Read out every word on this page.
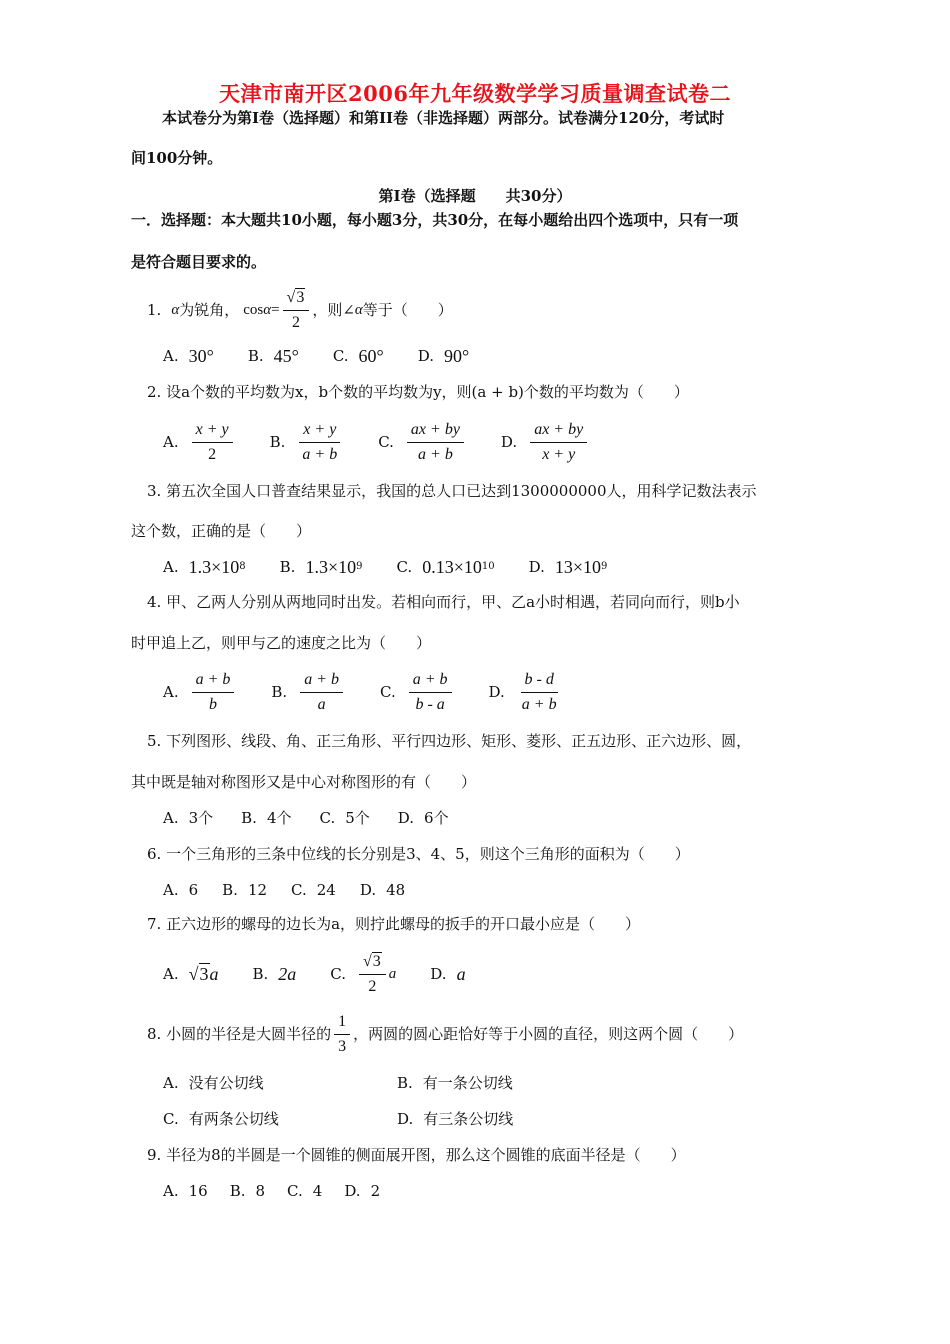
天津市南开区2006年九年级数学学习质量调查试卷二
本试卷分为第Ⅰ卷（选择题）和第II卷（非选择题）两部分。试卷满分120分，考试时
间100分钟。
第Ⅰ卷（选择题　　共30分）
一．选择题：本大题共10小题，每小题3分，共30分，在每小题给出四个选项中，只有一项
是符合题目要求的。
1. α 为锐角， $\cos \alpha = \frac{√3}{2}$ ，则∠ α 等于（　　）
A. 30° B. 45° C. 60° D. 90°
2. 设a个数的平均数为x，b个数的平均数为y，则(a + b)个数的平均数为（　　）
A. $\frac{x + y}{2} B$. $\frac{x + y}{a + b} C$. $\frac{ax + by}{a + b} D$. $\frac{ax + by}{x + y}$
3. 第五次全国人口普查结果显示，我国的总人口已达到1300000000人，用科学记数法表示
这个数，正确的是（　　）
A. 1.3×10 8 B. 1.3×10 9 C. 0.13×10 10 D. 13×10 9
4. 甲、乙两人分别从两地同时出发。若相向而行，甲、乙a小时相遇，若同向而行，则b小
时甲追上乙，则甲与乙的速度之比为（　　）
A. $\frac{a + b}{b} B$. $\frac{a + b}{a} C$. $\frac{a + b}{b - a} D$. $\frac{b - d}{a + b}$
5. 下列图形、线段、角、正三角形、平行四边形、矩形、菱形、正五边形、正六边形、圆，
其中既是轴对称图形又是中心对称图形的有（　　）
A. 3个 B. 4个 C. 5个 D. 6个
6. 一个三角形的三条中位线的长分别是3、4、5，则这个三角形的面积为（　　）
A. 6 B. 12 C. 24 D. 48
7. 正六边形的螺母的边长为a，则拧此螺母的扳手的开口最小应是（　　）
A. √3 a B. 2a C. $\frac{√3}{2}$ a D. a
8. 小圆的半径是大圆半径的 $\frac{1}{3}$ ，两圆的圆心距恰好等于小圆的直径，则这两个圆（　　）
A. 没有公切线	B. 有一条公切线
C. 有两条公切线	D. 有三条公切线
9. 半径为8的半圆是一个圆锥的侧面展开图，那么这个圆锥的底面半径是（　　）
A. 16 B. 8 C. 4 D. 2
